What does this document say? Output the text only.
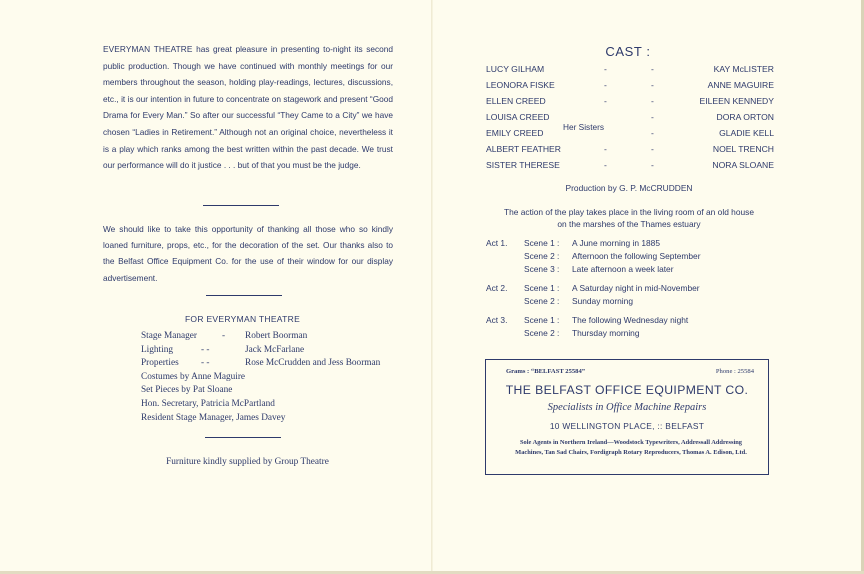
EVERYMAN THEATRE has great pleasure in presenting to-night its second public production. Though we have continued with monthly meetings for our members throughout the season, holding play-readings, lectures, discussions, etc., it is our intention in future to concentrate on stagework and present “Good Drama for Every Man.” So after our successful “They Came to a City” we have chosen “Ladies in Retirement.” Although not an original choice, nevertheless it is a play which ranks among the best written within the past decade. We trust our performance will do it justice . . . but of that you must be the judge.
We should like to take this opportunity of thanking all those who so kindly loaned furniture, props, etc., for the decoration of the set. Our thanks also to the Belfast Office Equipment Co. for the use of their window for our display advertisement.
FOR EVERYMAN THEATRE
Stage Manager	- Robert Boorman
Lighting	- -	Jack McFarlane
Properties - -	Rose McCrudden and Jess Boorman
Costumes by Anne Maguire
Set Pieces by Pat Sloane
Hon. Secretary, Patricia McPartland
Resident Stage Manager, James Davey
Furniture kindly supplied by Group Theatre
CAST :
LUCY GILHAM	-	-	KAY McLISTER
LEONORA FISKE	-	-	ANNE MAGUIRE
ELLEN CREED	-	-	EILEEN KENNEDY
LOUISA CREED	-	DORA ORTON
EMILY CREED	-	GLADIE KELL
ALBERT FEATHER	-	-	NOEL TRENCH
SISTER THERESE	-	-	NORA SLOANE
Her Sisters
Production by G. P. McCRUDDEN
The action of the play takes place in the living room of an old house
on the marshes of the Thames estuary
Act 1. Scene 1 : A June morning in 1885
Scene 2 : Afternoon the following September
Scene 3 : Late afternoon a week later
Act 2. Scene 1 : A Saturday night in mid-November
Scene 2 : Sunday morning
Act 3. Scene 1 : The following Wednesday night
Scene 2 : Thursday morning
Grams : “BELFAST 25584”	Phone : 25584
THE BELFAST OFFICE EQUIPMENT CO.
Specialists in Office Machine Repairs
10 WELLINGTON PLACE, :: BELFAST
Sole Agents in Northern Ireland—Woodstock Typewriters, Addressall Addressing Machines, Tan Sad Chairs, Fordigraph Rotary Reproducers, Thomas A. Edison, Ltd.
